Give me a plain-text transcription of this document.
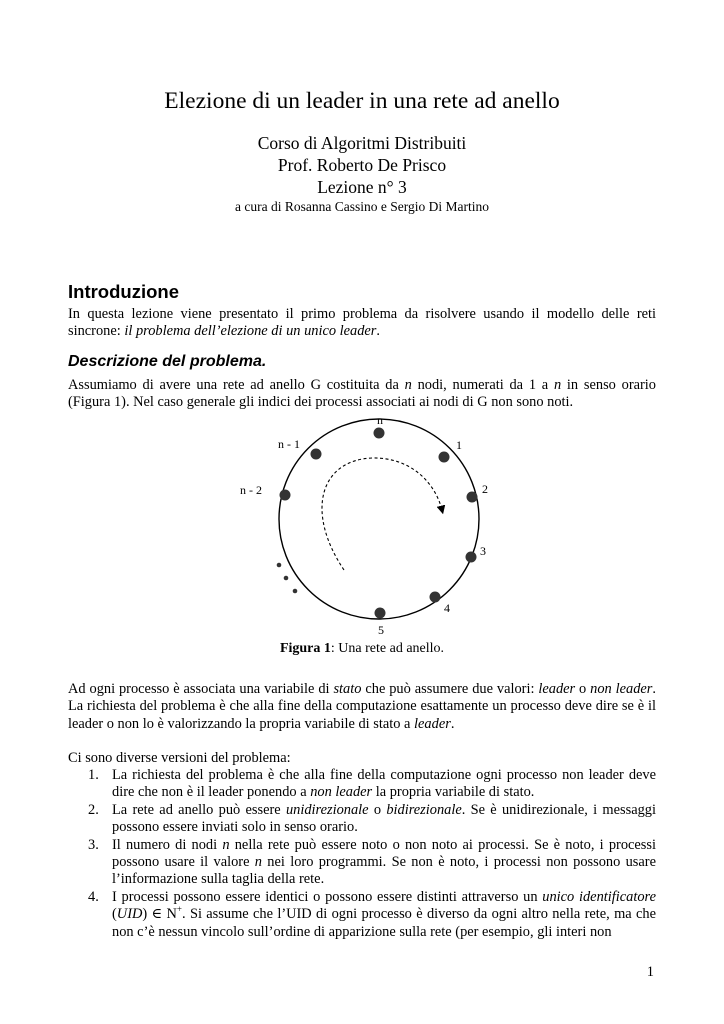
Elezione di un leader in una rete ad anello
Corso di Algoritmi Distribuiti
Prof. Roberto De Prisco
Lezione n° 3
a cura di Rosanna Cassino e Sergio Di Martino
Introduzione

In questa lezione viene presentato il primo problema da risolvere usando il modello delle reti sincrone: il problema dell’elezione di un unico leader.

Descrizione del problema.

Assumiamo di avere una rete ad anello G costituita da n nodi, numerati da 1 a n in senso orario (Figura 1). Nel caso generale gli indici dei processi associati ai nodi di G non sono noti.

n
1
2
3
4
5
n - 1
n - 2
Figura 1: Una rete ad anello.

Ad ogni processo è associata una variabile di stato che può assumere due valori: leader o non leader. La richiesta del problema è che alla fine della computazione esattamente un processo deve dire se è il leader o non lo è valorizzando la propria variabile di stato a leader.

Ci sono diverse versioni del problema:

1. La richiesta del problema è che alla fine della computazione ogni processo non leader deve dire che non è il leader ponendo a non leader la propria variabile di stato.
2. La rete ad anello può essere unidirezionale o bidirezionale. Se è unidirezionale, i messaggi possono essere inviati solo in senso orario.
3. Il numero di nodi n nella rete può essere noto o non noto ai processi. Se è noto, i processi possono usare il valore n nei loro programmi. Se non è noto, i processi non possono usare l’informazione sulla taglia della rete.
4. I processi possono essere identici o possono essere distinti attraverso un unico identificatore (UID) ∈ N+. Si assume che l’UID di ogni processo è diverso da ogni altro nella rete, ma che non c’è nessun vincolo sull’ordine di apparizione sulla rete (per esempio, gli interi non
1
